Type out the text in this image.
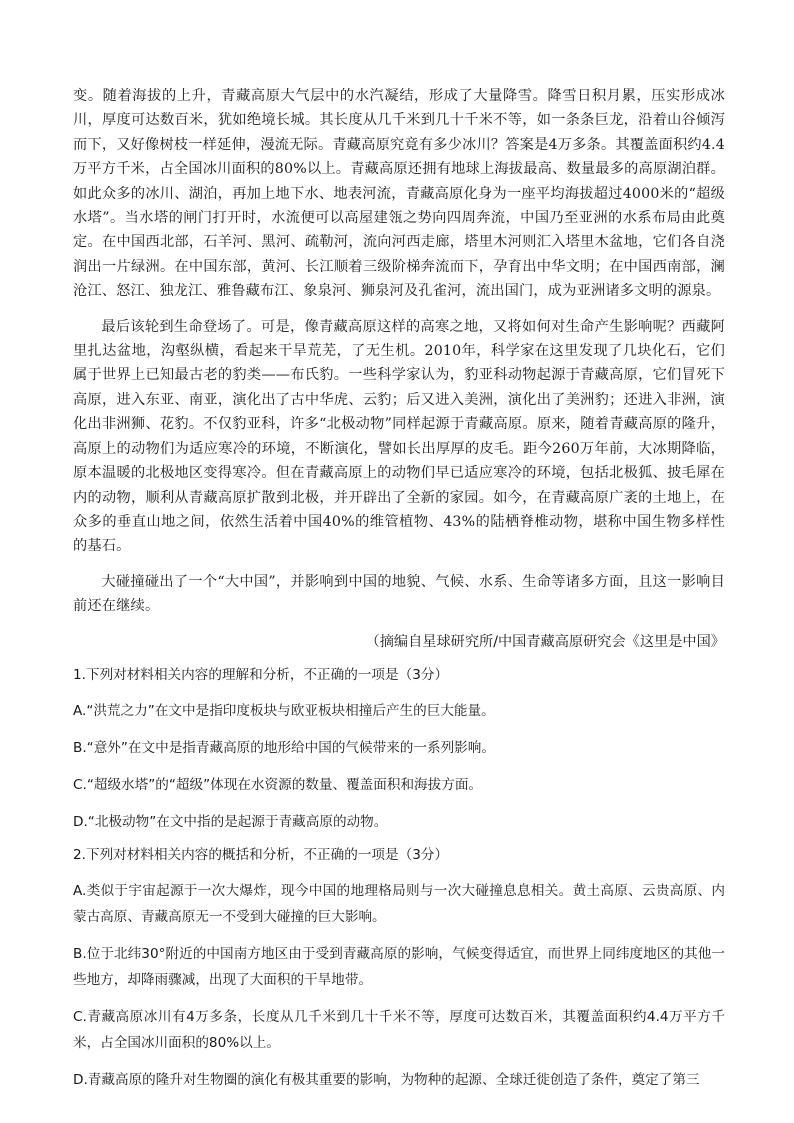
变。随着海拔的上升，青藏高原大气层中的水汽凝结，形成了大量降雪。降雪日积月累，压实形成冰川，厚度可达数百米，犹如绝境长城。其长度从几千米到几十千米不等，如一条条巨龙，沿着山谷倾泻而下，又好像树枝一样延伸，漫流无际。青藏高原究竟有多少冰川？答案是4万多条。其覆盖面积约4.4万平方千米，占全国冰川面积的80%以上。青藏高原还拥有地球上海拔最高、数量最多的高原湖泊群。如此众多的冰川、湖泊，再加上地下水、地表河流，青藏高原化身为一座平均海拔超过4000米的“超级水塔”。当水塔的闸门打开时，水流便可以高屋建瓴之势向四周奔流，中国乃至亚洲的水系布局由此奠定。在中国西北部，石羊河、黑河、疏勒河，流向河西走廊，塔里木河则汇入塔里木盆地，它们各自浇润出一片绿洲。在中国东部，黄河、长江顺着三级阶梯奔流而下，孕育出中华文明；在中国西南部，澜沧江、怒江、独龙江、雅鲁藏布江、象泉河、狮泉河及孔雀河，流出国门，成为亚洲诸多文明的源泉。

最后该轮到生命登场了。可是，像青藏高原这样的高寒之地，又将如何对生命产生影响呢？西藏阿里扎达盆地，沟壑纵横，看起来干旱荒芜，了无生机。2010年，科学家在这里发现了几块化石，它们属于世界上已知最古老的豹类——布氏豹。一些科学家认为，豹亚科动物起源于青藏高原，它们冒死下高原，进入东亚、南亚，演化出了古中华虎、云豹；后又进入美洲，演化出了美洲豹；还进入非洲，演化出非洲狮、花豹。不仅豹亚科，许多“北极动物”同样起源于青藏高原。原来，随着青藏高原的隆升，高原上的动物们为适应寒冷的环境，不断演化，譬如长出厚厚的皮毛。距今260万年前，大冰期降临，原本温暖的北极地区变得寒冷。但在青藏高原上的动物们早已适应寒冷的环境，包括北极狐、披毛犀在内的动物，顺利从青藏高原扩散到北极，并开辟出了全新的家园。如今，在青藏高原广袤的土地上，在众多的垂直山地之间，依然生活着中国40%的维管植物、43%的陆栖脊椎动物，堪称中国生物多样性的基石。

大碰撞碰出了一个“大中国”，并影响到中国的地貌、气候、水系、生命等诸多方面，且这一影响目前还在继续。

（摘编自星球研究所/中国青藏高原研究会《这里是中国》

1.下列对材料相关内容的理解和分析，不正确的一项是（3分）

A.“洪荒之力”在文中是指印度板块与欧亚板块相撞后产生的巨大能量。

B.“意外”在文中是指青藏高原的地形给中国的气候带来的一系列影响。

C.“超级水塔”的“超级”体现在水资源的数量、覆盖面积和海拔方面。

D.“北极动物”在文中指的是起源于青藏高原的动物。

2.下列对材料相关内容的概括和分析，不正确的一项是（3分）

A.类似于宇宙起源于一次大爆炸，现今中国的地理格局则与一次大碰撞息息相关。黄土高原、云贵高原、内蒙古高原、青藏高原无一不受到大碰撞的巨大影响。

B.位于北纬30°附近的中国南方地区由于受到青藏高原的影响，气候变得适宜，而世界上同纬度地区的其他一些地方，却降雨骤减，出现了大面积的干旱地带。

C.青藏高原冰川有4万多条，长度从几千米到几十千米不等，厚度可达数百米，其覆盖面积约4.4万平方千米，占全国冰川面积的80%以上。

D.青藏高原的隆升对生物圈的演化有极其重要的影响，为物种的起源、全球迁徙创造了条件，奠定了第三
